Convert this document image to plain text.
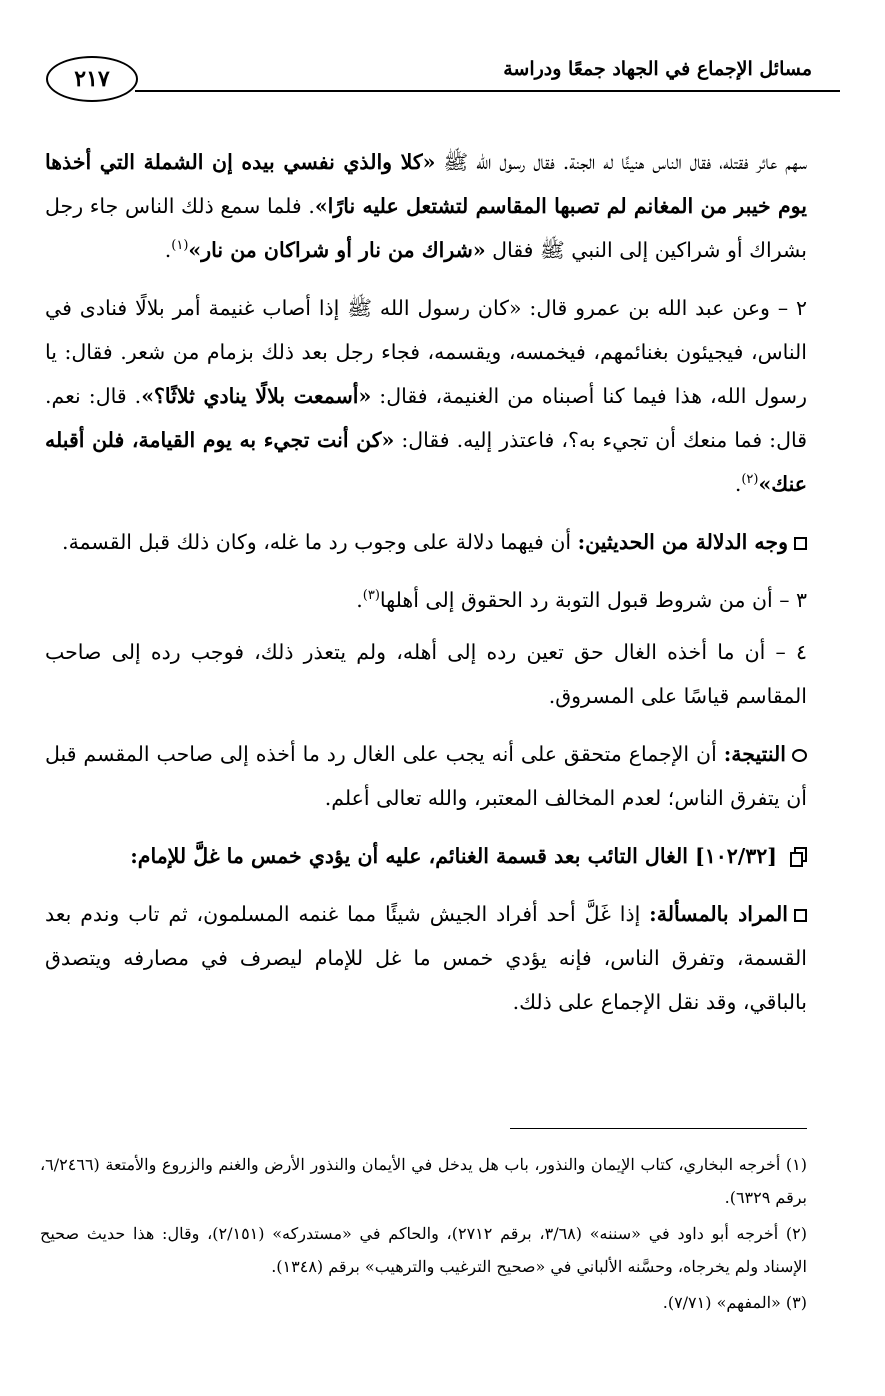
مسائل الإجماع في الجهاد جمعًا ودراسة
٢١٧

سهم عائر فقتله، فقال الناس هنيئًا له الجنة. فقال رسول الله ﷺ «كلا والذي نفسي بيده إن الشملة التي أخذها يوم خيبر من المغانم لم تصبها المقاسم لتشتعل عليه نارًا». فلما سمع ذلك الناس جاء رجل بشراك أو شراكين إلى النبي ﷺ فقال «شراك من نار أو شراكان من نار»$^{(١)}$.

٢ – وعن عبد الله بن عمرو قال: «كان رسول الله ﷺ إذا أصاب غنيمة أمر بلالًا فنادى في الناس، فيجيئون بغنائمهم، فيخمسه، ويقسمه، فجاء رجل بعد ذلك بزمام من شعر. فقال: يا رسول الله، هذا فيما كنا أصبناه من الغنيمة، فقال: «أسمعت بلالًا ينادي ثلاثًا؟». قال: نعم. قال: فما منعك أن تجيء به؟، فاعتذر إليه. فقال: «كن أنت تجيء به يوم القيامة، فلن أقبله عنك»$^{(٢)}$.

وجه الدلالة من الحديثين: أن فيهما دلالة على وجوب رد ما غله، وكان ذلك قبل القسمة.

٣ – أن من شروط قبول التوبة رد الحقوق إلى أهلها$^{(٣)}$.

٤ – أن ما أخذه الغال حق تعين رده إلى أهله، ولم يتعذر ذلك، فوجب رده إلى صاحب المقاسم قياسًا على المسروق.

النتيجة: أن الإجماع متحقق على أنه يجب على الغال رد ما أخذه إلى صاحب المقسم قبل أن يتفرق الناس؛ لعدم المخالف المعتبر، والله تعالى أعلم.

[١٠٢/٣٢] الغال التائب بعد قسمة الغنائم، عليه أن يؤدي خمس ما غلَّ للإمام:

المراد بالمسألة: إذا غَلَّ أحد أفراد الجيش شيئًا مما غنمه المسلمون، ثم تاب وندم بعد القسمة، وتفرق الناس، فإنه يؤدي خمس ما غل للإمام ليصرف في مصارفه ويتصدق بالباقي، وقد نقل الإجماع على ذلك.

(١) أخرجه البخاري، كتاب الإيمان والنذور، باب هل يدخل في الأيمان والنذور الأرض والغنم والزروع والأمتعة (٦/٢٤٦٦، برقم ٦٣٢٩).

(٢) أخرجه أبو داود في «سننه» (٣/٦٨، برقم ٢٧١٢)، والحاكم في «مستدركه» (٢/١٥١)، وقال: هذا حديث صحيح الإسناد ولم يخرجاه، وحسَّنه الألباني في «صحيح الترغيب والترهيب» برقم (١٣٤٨).

(٣) «المفهم» (٧/٧١).
